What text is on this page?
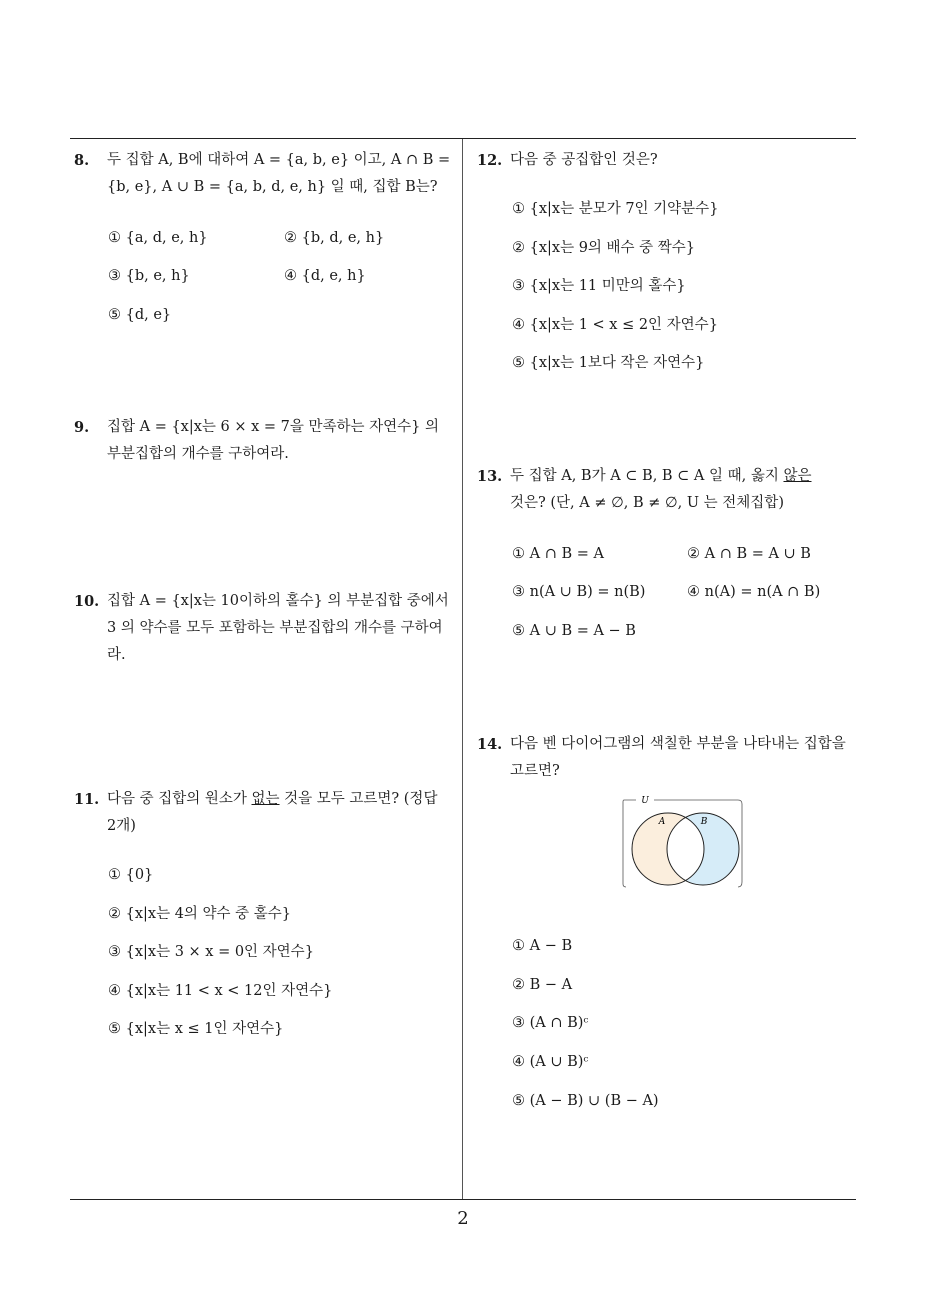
8. 두 집합 A, B에 대하여 A = {a, b, e} 이고, A ∩ B =
{b, e}, A ∪ B = {a, b, d, e, h} 일 때, 집합 B는?
① {a, d, e, h}	② {b, d, e, h}
③ {b, e, h}	④ {d, e, h}
⑤ {d, e}
9. 집합 A = {x|x는 6 × x = 7을 만족하는 자연수} 의
부분집합의 개수를 구하여라.
10. 집합 A = {x|x는 10이하의 홀수} 의 부분집합 중에서
3 의 약수를 모두 포함하는 부분집합의 개수를 구하여
라.
11. 다음 중 집합의 원소가 없는 것을 모두 고르면? (정답
2개)
① {0}
② {x|x는 4의 약수 중 홀수}
③ {x|x는 3 × x = 0인 자연수}
④ {x|x는 11 < x < 12인 자연수}
⑤ {x|x는 x ≤ 1인 자연수}
12. 다음 중 공집합인 것은?
① {x|x는 분모가 7인 기약분수}
② {x|x는 9의 배수 중 짝수}
③ {x|x는 11 미만의 홀수}
④ {x|x는 1 < x ≤ 2인 자연수}
⑤ {x|x는 1보다 작은 자연수}
13. 두 집합 A, B가 A ⊂ B, B ⊂ A 일 때, 옳지 않은
것은? (단, A ≠ ∅, B ≠ ∅, U 는 전체집합)
① A ∩ B = A	② A ∩ B = A ∪ B
③ n(A ∪ B) = n(B)	④ n(A) = n(A ∩ B)
⑤ A ∪ B = A − B
14. 다음 벤 다이어그램의 색칠한 부분을 나타내는 집합을
고르면?
U
A	B
① A − B
② B − A
③ (A ∩ B)ᶜ
④ (A ∪ B)ᶜ
⑤ (A − B) ∪ (B − A)
2
